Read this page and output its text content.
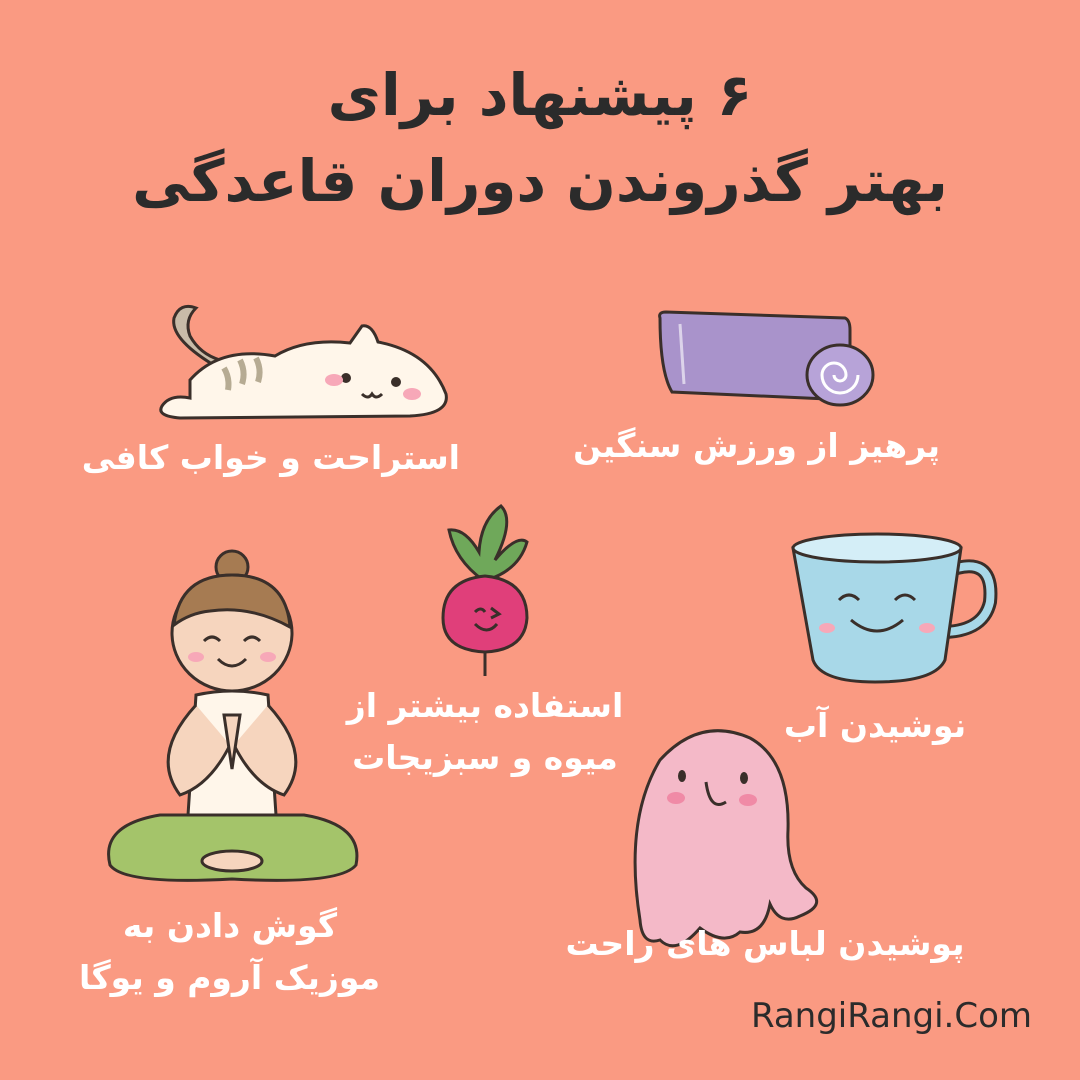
۶ پیشنهاد برای
بهتر گذروندن دوران قاعدگی
پرهیز از ورزش سنگین
استراحت و خواب کافی
نوشیدن آب
استفاده بیشتر از
میوه و سبزیجات
پوشیدن لباس های راحت
گوش دادن به
موزیک آروم و یوگا
RangiRangi.Com
